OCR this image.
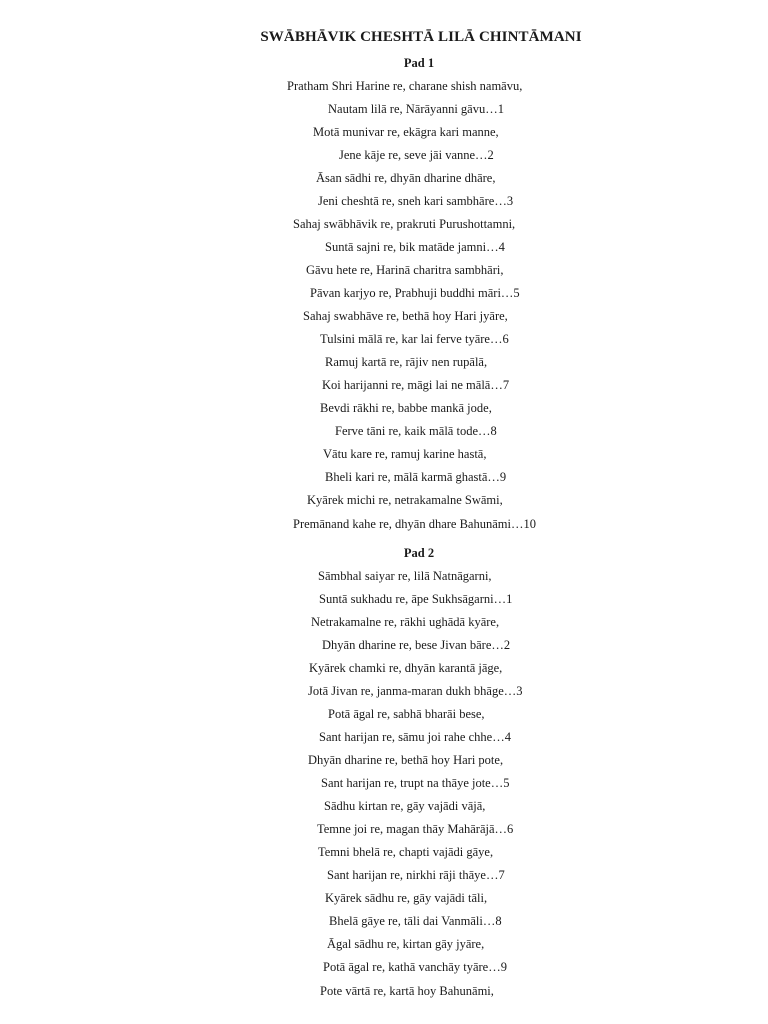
SWĀBHĀVIK CHESHTĀ LILĀ CHINTĀMANI
Pad 1
Pratham Shri Harine re, charane shish namāvu,
Nautam lilā re, Nārāyanni gāvu…1
Motā munivar re, ekāgra kari manne,
Jene kāje re, seve jāi vanne…2
Āsan sādhi re, dhyān dharine dhāre,
Jeni cheshtā re, sneh kari sambhāre…3
Sahaj swābhāvik re, prakruti Purushottamni,
Suntā sajni re, bik matāde jamni…4
Gāvu hete re, Harinā charitra sambhāri,
Pāvan karjyo re, Prabhuji buddhi māri…5
Sahaj swabhāve re, bethā hoy Hari jyāre,
Tulsini mālā re, kar lai ferve tyāre…6
Ramuj kartā re, rājiv nen rupālā,
Koi harijanni re, māgi lai ne mālā…7
Bevdi rākhi re, babbe mankā jode,
Ferve tāni re, kaik mālā tode…8
Vātu kare re, ramuj karine hastā,
Bheli kari re, mālā karmā ghastā…9
Kyārek michi re, netrakamalne Swāmi,
Premānand kahe re, dhyān dhare Bahunāmi…10
Pad 2
Sāmbhal saiyar re, lilā Natnāgarni,
Suntā sukhadu re, āpe Sukhsāgarni…1
Netrakamalne re, rākhi ughādā kyāre,
Dhyān dharine re, bese Jivan bāre…2
Kyārek chamki re, dhyān karantā jāge,
Jotā Jivan re, janma-maran dukh bhāge…3
Potā āgal re, sabhā bharāi bese,
Sant harijan re, sāmu joi rahe chhe…4
Dhyān dharine re, bethā hoy Hari pote,
Sant harijan re, trupt na thāye jote…5
Sādhu kirtan re, gāy vajādi vājā,
Temne joi re, magan thāy Mahārājā…6
Temni bhelā re, chapti vajādi gāye,
Sant harijan re, nirkhi rāji thāye…7
Kyārek sādhu re, gāy vajādi tāli,
Bhelā gāye re, tāli dai Vanmāli…8
Āgal sādhu re, kirtan gāy jyāre,
Potā āgal re, kathā vanchāy tyāre…9
Pote vārtā re, kartā hoy Bahunāmi,
